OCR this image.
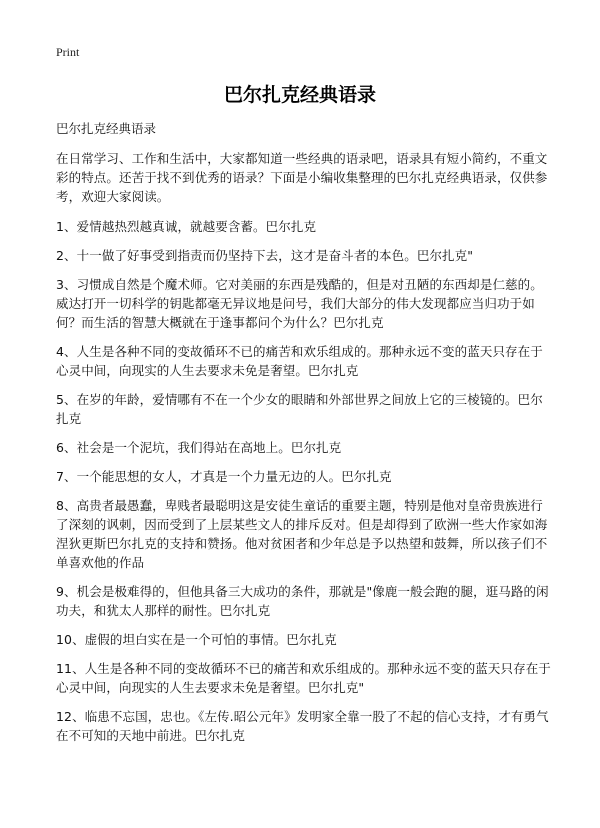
Print
巴尔扎克经典语录

巴尔扎克经典语录

在日常学习、工作和生活中，大家都知道一些经典的语录吧，语录具有短小简约，不重文彩的特点。还苦于找不到优秀的语录？下面是小编收集整理的巴尔扎克经典语录，仅供参考，欢迎大家阅读。

1、爱情越热烈越真诚，就越要含蓄。巴尔扎克

2、十一做了好事受到指责而仍坚持下去，这才是奋斗者的本色。巴尔扎克"

3、习惯成自然是个魔术师。它对美丽的东西是残酷的，但是对丑陋的东西却是仁慈的。威达打开一切科学的钥匙都毫无异议地是问号，我们大部分的伟大发现都应当归功于如何？而生活的智慧大概就在于逢事都问个为什么？巴尔扎克

4、人生是各种不同的变故循环不已的痛苦和欢乐组成的。那种永远不变的蓝天只存在于心灵中间，向现实的人生去要求未免是奢望。巴尔扎克

5、在岁的年龄，爱情哪有不在一个少女的眼睛和外部世界之间放上它的三棱镜的。巴尔扎克

6、社会是一个泥坑，我们得站在高地上。巴尔扎克

7、一个能思想的女人，才真是一个力量无边的人。巴尔扎克

8、高贵者最愚蠢，卑贱者最聪明这是安徒生童话的重要主题，特别是他对皇帝贵族进行了深刻的讽刺，因而受到了上层某些文人的排斥反对。但是却得到了欧洲一些大作家如海涅狄更斯巴尔扎克的支持和赞扬。他对贫困者和少年总是予以热望和鼓舞，所以孩子们不单喜欢他的作品

9、机会是极难得的，但他具备三大成功的条件，那就是"像鹿一般会跑的腿，逛马路的闲功夫，和犹太人那样的耐性。巴尔扎克

10、虚假的坦白实在是一个可怕的事情。巴尔扎克

11、人生是各种不同的变故循环不已的痛苦和欢乐组成的。那种永远不变的蓝天只存在于心灵中间，向现实的人生去要求未免是奢望。巴尔扎克"

12、临患不忘国，忠也。《左传.昭公元年》发明家全靠一股了不起的信心支持，才有勇气在不可知的天地中前进。巴尔扎克
